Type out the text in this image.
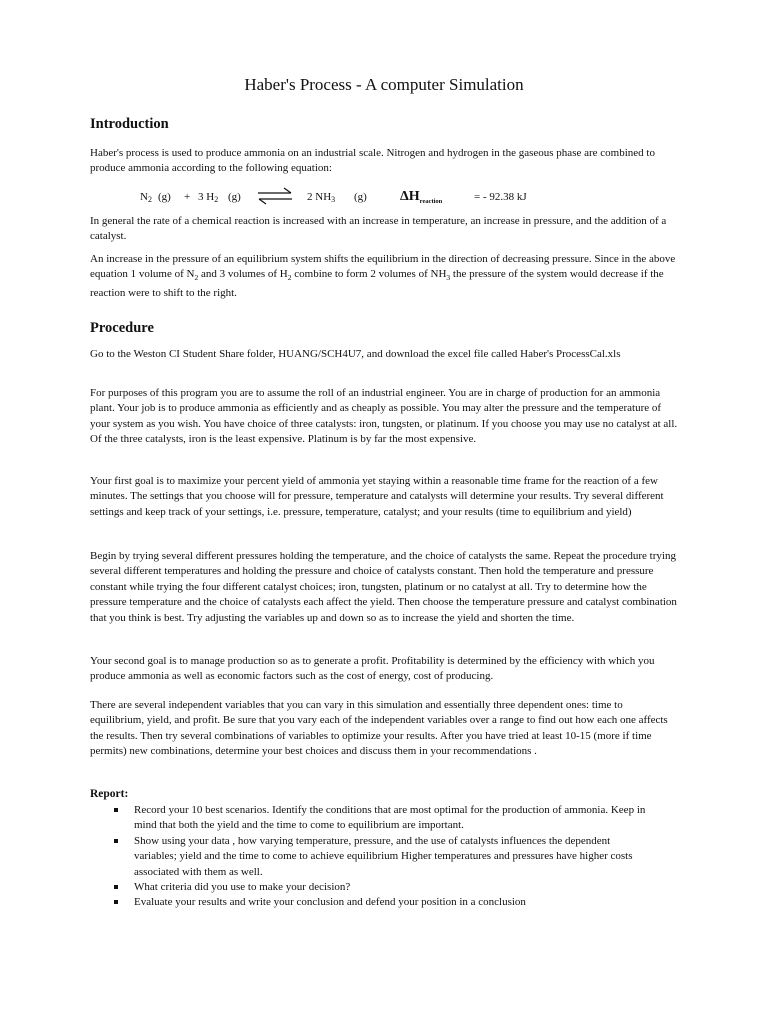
Haber's Process - A computer Simulation
Introduction

Haber's process is used to produce ammonia on an industrial scale. Nitrogen and hydrogen in the gaseous phase are combined to produce ammonia according to the following equation:

$N_2$ (g) + 3 $H_2$ (g) ⇌ 2 $NH_3$ (g) $\Delta H_{reaction}$	= - 92.38 kJ

In general the rate of a chemical reaction is increased with an increase in temperature, an increase in pressure, and the addition of a catalyst.

An increase in the pressure of an equilibrium system shifts the equilibrium in the direction of decreasing pressure. Since in the above equation 1 volume of $N_2$ and 3 volumes of $H_2$ combine to form 2 volumes of $NH_3$ the pressure of the system would decrease if the reaction were to shift to the right.

Procedure

Go to the Weston CI Student Share folder, HUANG/SCH4U7, and download the excel file called Haber's ProcessCal.xls

For purposes of this program you are to assume the roll of an industrial engineer. You are in charge of production for an ammonia plant. Your job is to produce ammonia as efficiently and as cheaply as possible. You may alter the pressure and the temperature of your system as you wish. You have choice of three catalysts: iron, tungsten, or platinum. If you choose you may use no catalyst at all. Of the three catalysts, iron is the least expensive. Platinum is by far the most expensive.

Your first goal is to maximize your percent yield of ammonia yet staying within a reasonable time frame for the reaction of a few minutes. The settings that you choose will for pressure, temperature and catalysts will determine your results. Try several different settings and keep track of your settings, i.e. pressure, temperature, catalyst; and your results (time to equilibrium and yield)

Begin by trying several different pressures holding the temperature, and the choice of catalysts the same. Repeat the procedure trying several different temperatures and holding the pressure and choice of catalysts constant. Then hold the temperature and pressure constant while trying the four different catalyst choices; iron, tungsten, platinum or no catalyst at all. Try to determine how the pressure temperature and the choice of catalysts each affect the yield. Then choose the temperature pressure and catalyst combination that you think is best. Try adjusting the variables up and down so as to increase the yield and shorten the time.

Your second goal is to manage production so as to generate a profit. Profitability is determined by the efficiency with which you produce ammonia as well as economic factors such as the cost of energy, cost of producing.

There are several independent variables that you can vary in this simulation and essentially three dependent ones: time to equilibrium, yield, and profit. Be sure that you vary each of the independent variables over a range to find out how each one affects the results. Then try several combinations of variables to optimize your results. After you have tried at least 10-15 (more if time permits) new combinations, determine your best choices and discuss them in your recommendations .

Report:
Record your 10 best scenarios. Identify the conditions that are most optimal for the production of ammonia. Keep in mind that both the yield and the time to come to equilibrium are important.
Show using your data , how varying temperature, pressure, and the use of catalysts influences the dependent variables; yield and the time to come to achieve equilibrium Higher temperatures and pressures have higher costs associated with them as well.
What criteria did you use to make your decision?
Evaluate your results and write your conclusion and defend your position in a conclusion
